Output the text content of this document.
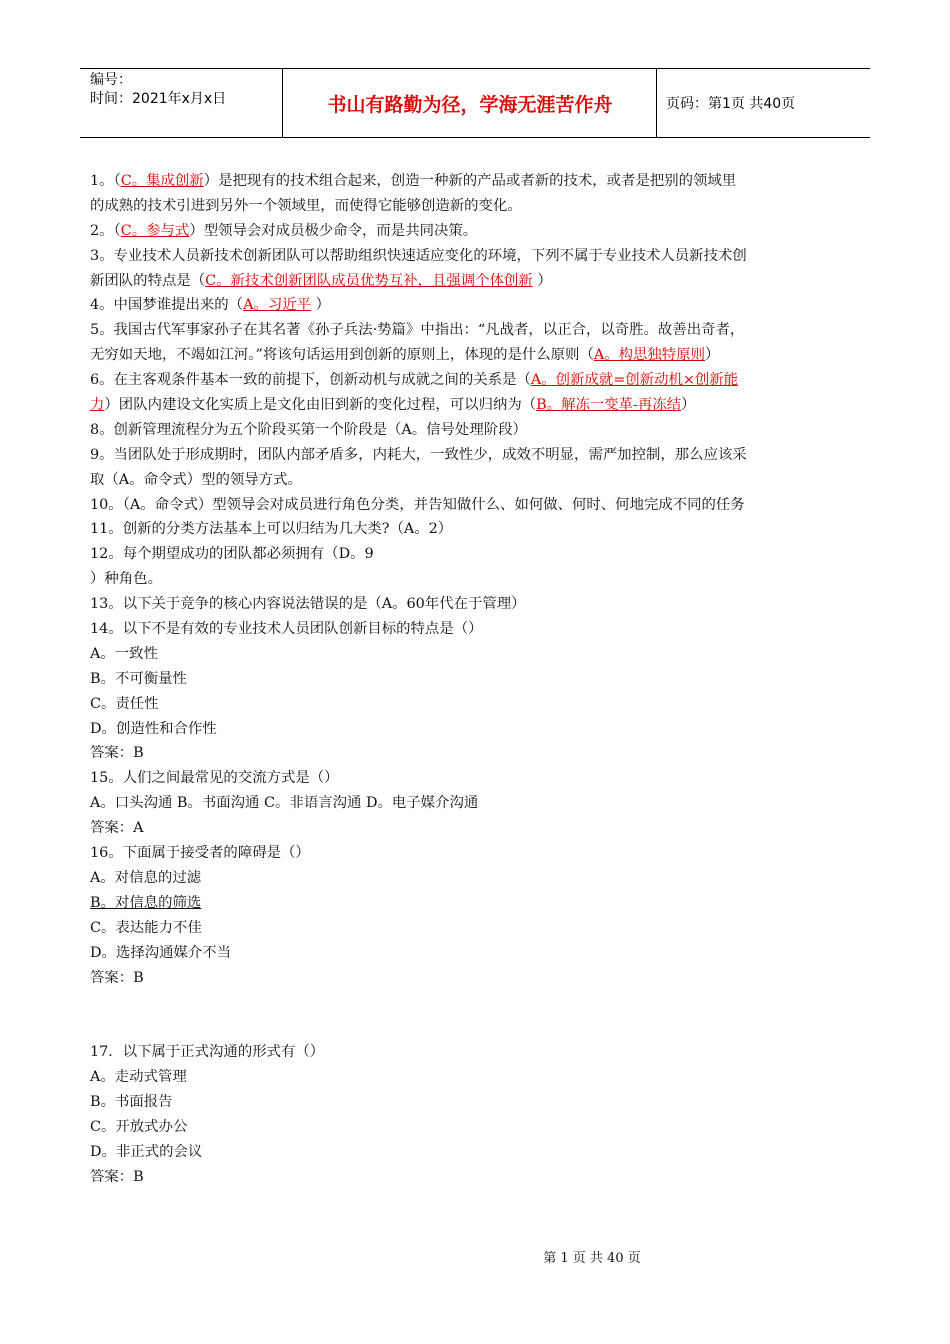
编号：
时间：2021年x月x日	书山有路勤为径，学海无涯苦作舟	页码：第1页 共40页
1。（C。集成创新）是把现有的技术组合起来，创造一种新的产品或者新的技术，或者是把别的领域里
的成熟的技术引进到另外一个领域里，而使得它能够创造新的变化。
2。（C。参与式）型领导会对成员极少命令，而是共同决策。
3。专业技术人员新技术创新团队可以帮助组织快速适应变化的环境，下列不属于专业技术人员新技术创
新团队的特点是（C。新技术创新团队成员优势互补，且强调个体创新 ）
4。中国梦谁提出来的（A。习近平 ）
5。我国古代军事家孙子在其名著《孙子兵法·势篇》中指出：“凡战者，以正合，以奇胜。故善出奇者，
无穷如天地，不竭如江河。”将该句话运用到创新的原则上，体现的是什么原则（A。构思独特原则）
6。在主客观条件基本一致的前提下，创新动机与成就之间的关系是（A。创新成就=创新动机×创新能
力）团队内建设文化实质上是文化由旧到新的变化过程，可以归纳为（B。解冻一变革-再冻结）
8。创新管理流程分为五个阶段买第一个阶段是（A。信号处理阶段）
9。当团队处于形成期时，团队内部矛盾多，内耗大，一致性少，成效不明显，需严加控制，那么应该采
取（A。命令式）型的领导方式。
10。（A。命令式）型领导会对成员进行角色分类，并告知做什么、如何做、何时、何地完成不同的任务
11。创新的分类方法基本上可以归结为几大类?（A。2）
12。每个期望成功的团队都必须拥有（D。9
）种角色。
13。以下关于竞争的核心内容说法错误的是（A。60年代在于管理）
14。以下不是有效的专业技术人员团队创新目标的特点是（）
A。一致性
B。不可衡量性
C。责任性
D。创造性和合作性
答案：B
15。人们之间最常见的交流方式是（）
A。口头沟通 B。书面沟通 C。非语言沟通 D。电子媒介沟通
答案：A
16。下面属于接受者的障碍是（）
A。对信息的过滤
B。对信息的筛选
C。表达能力不佳
D。选择沟通媒介不当
答案：B
17．以下属于正式沟通的形式有（）
A。走动式管理
B。书面报告
C。开放式办公
D。非正式的会议
答案：B
第 1 页 共 40 页
